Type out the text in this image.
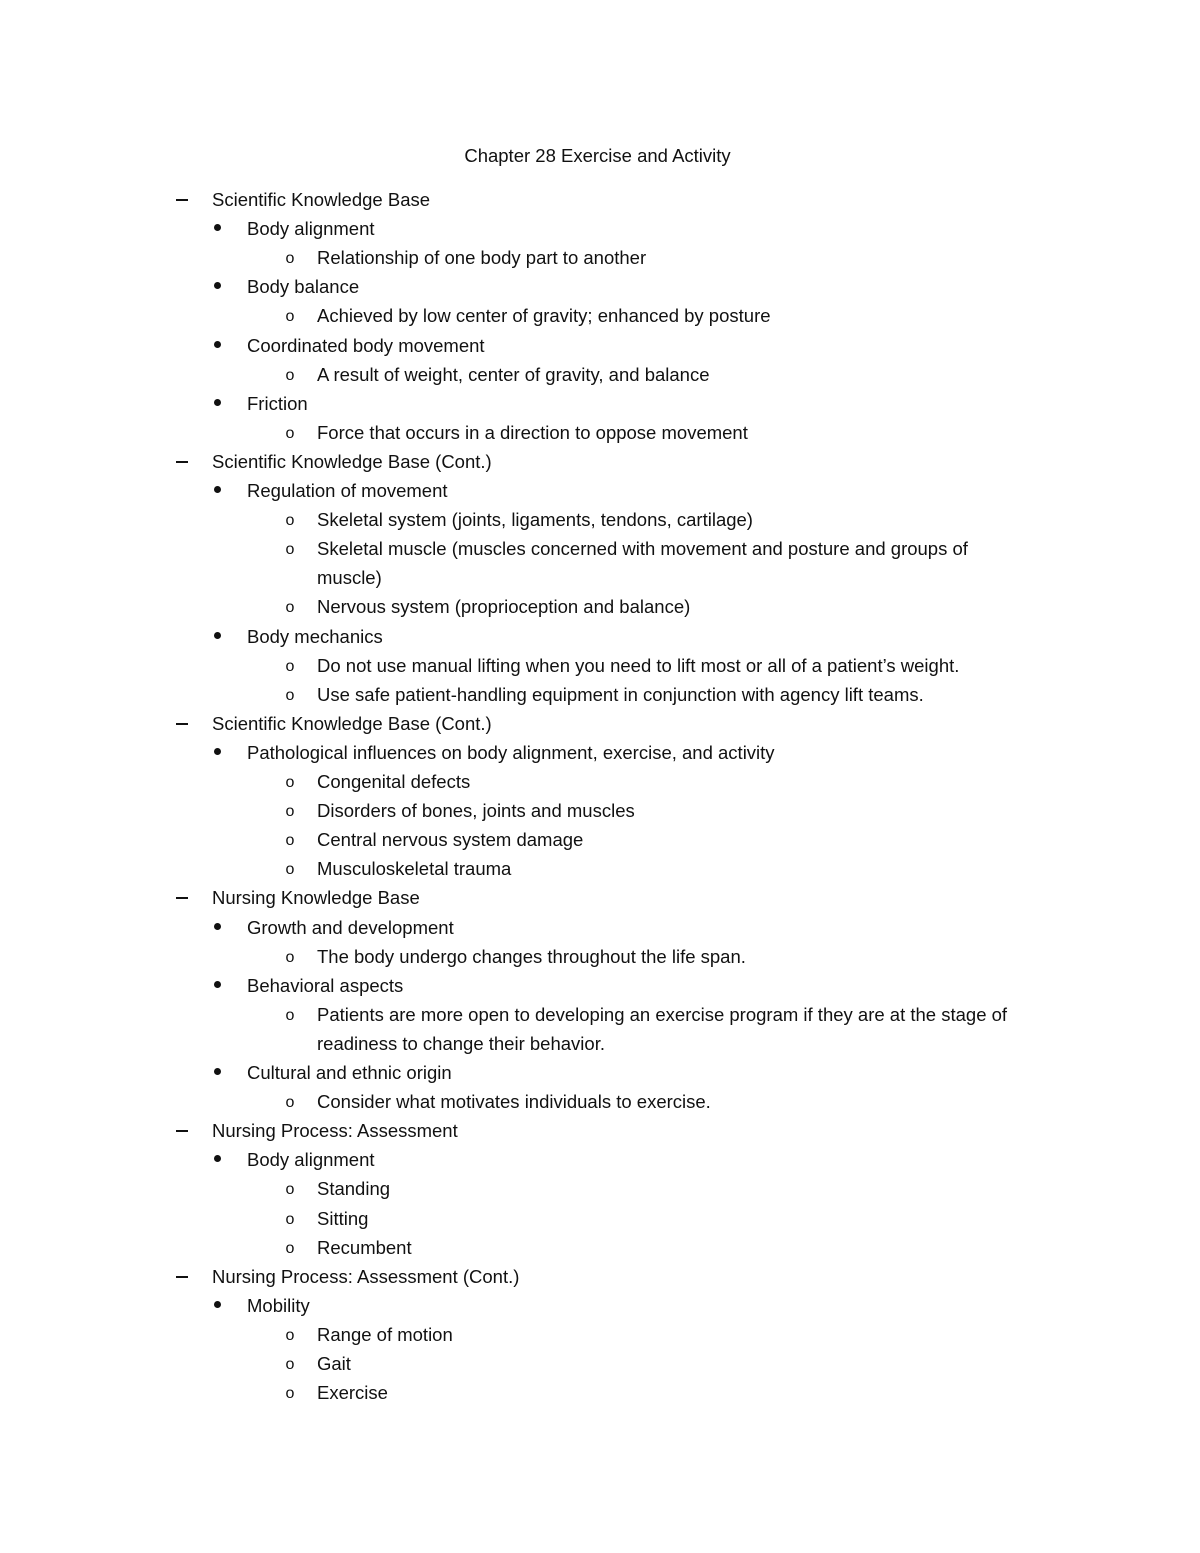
Chapter 28 Exercise and Activity
Scientific Knowledge Base
Body alignment
o Relationship of one body part to another
Body balance
o Achieved by low center of gravity; enhanced by posture
Coordinated body movement
o A result of weight, center of gravity, and balance
Friction
o Force that occurs in a direction to oppose movement
Scientific Knowledge Base (Cont.)
Regulation of movement
o Skeletal system (joints, ligaments, tendons, cartilage)
o Skeletal muscle (muscles concerned with movement and posture and groups of
muscle)
o Nervous system (proprioception and balance)
Body mechanics
o Do not use manual lifting when you need to lift most or all of a patient’s weight.
o Use safe patient-handling equipment in conjunction with agency lift teams.
Scientific Knowledge Base (Cont.)
Pathological influences on body alignment, exercise, and activity
o Congenital defects
o Disorders of bones, joints and muscles
o Central nervous system damage
o Musculoskeletal trauma
Nursing Knowledge Base
Growth and development
o The body undergo changes throughout the life span.
Behavioral aspects
o Patients are more open to developing an exercise program if they are at the stage of
readiness to change their behavior.
Cultural and ethnic origin
o Consider what motivates individuals to exercise.
Nursing Process: Assessment
Body alignment
o Standing
o Sitting
o Recumbent
Nursing Process: Assessment (Cont.)
Mobility
o Range of motion
o Gait
o Exercise
